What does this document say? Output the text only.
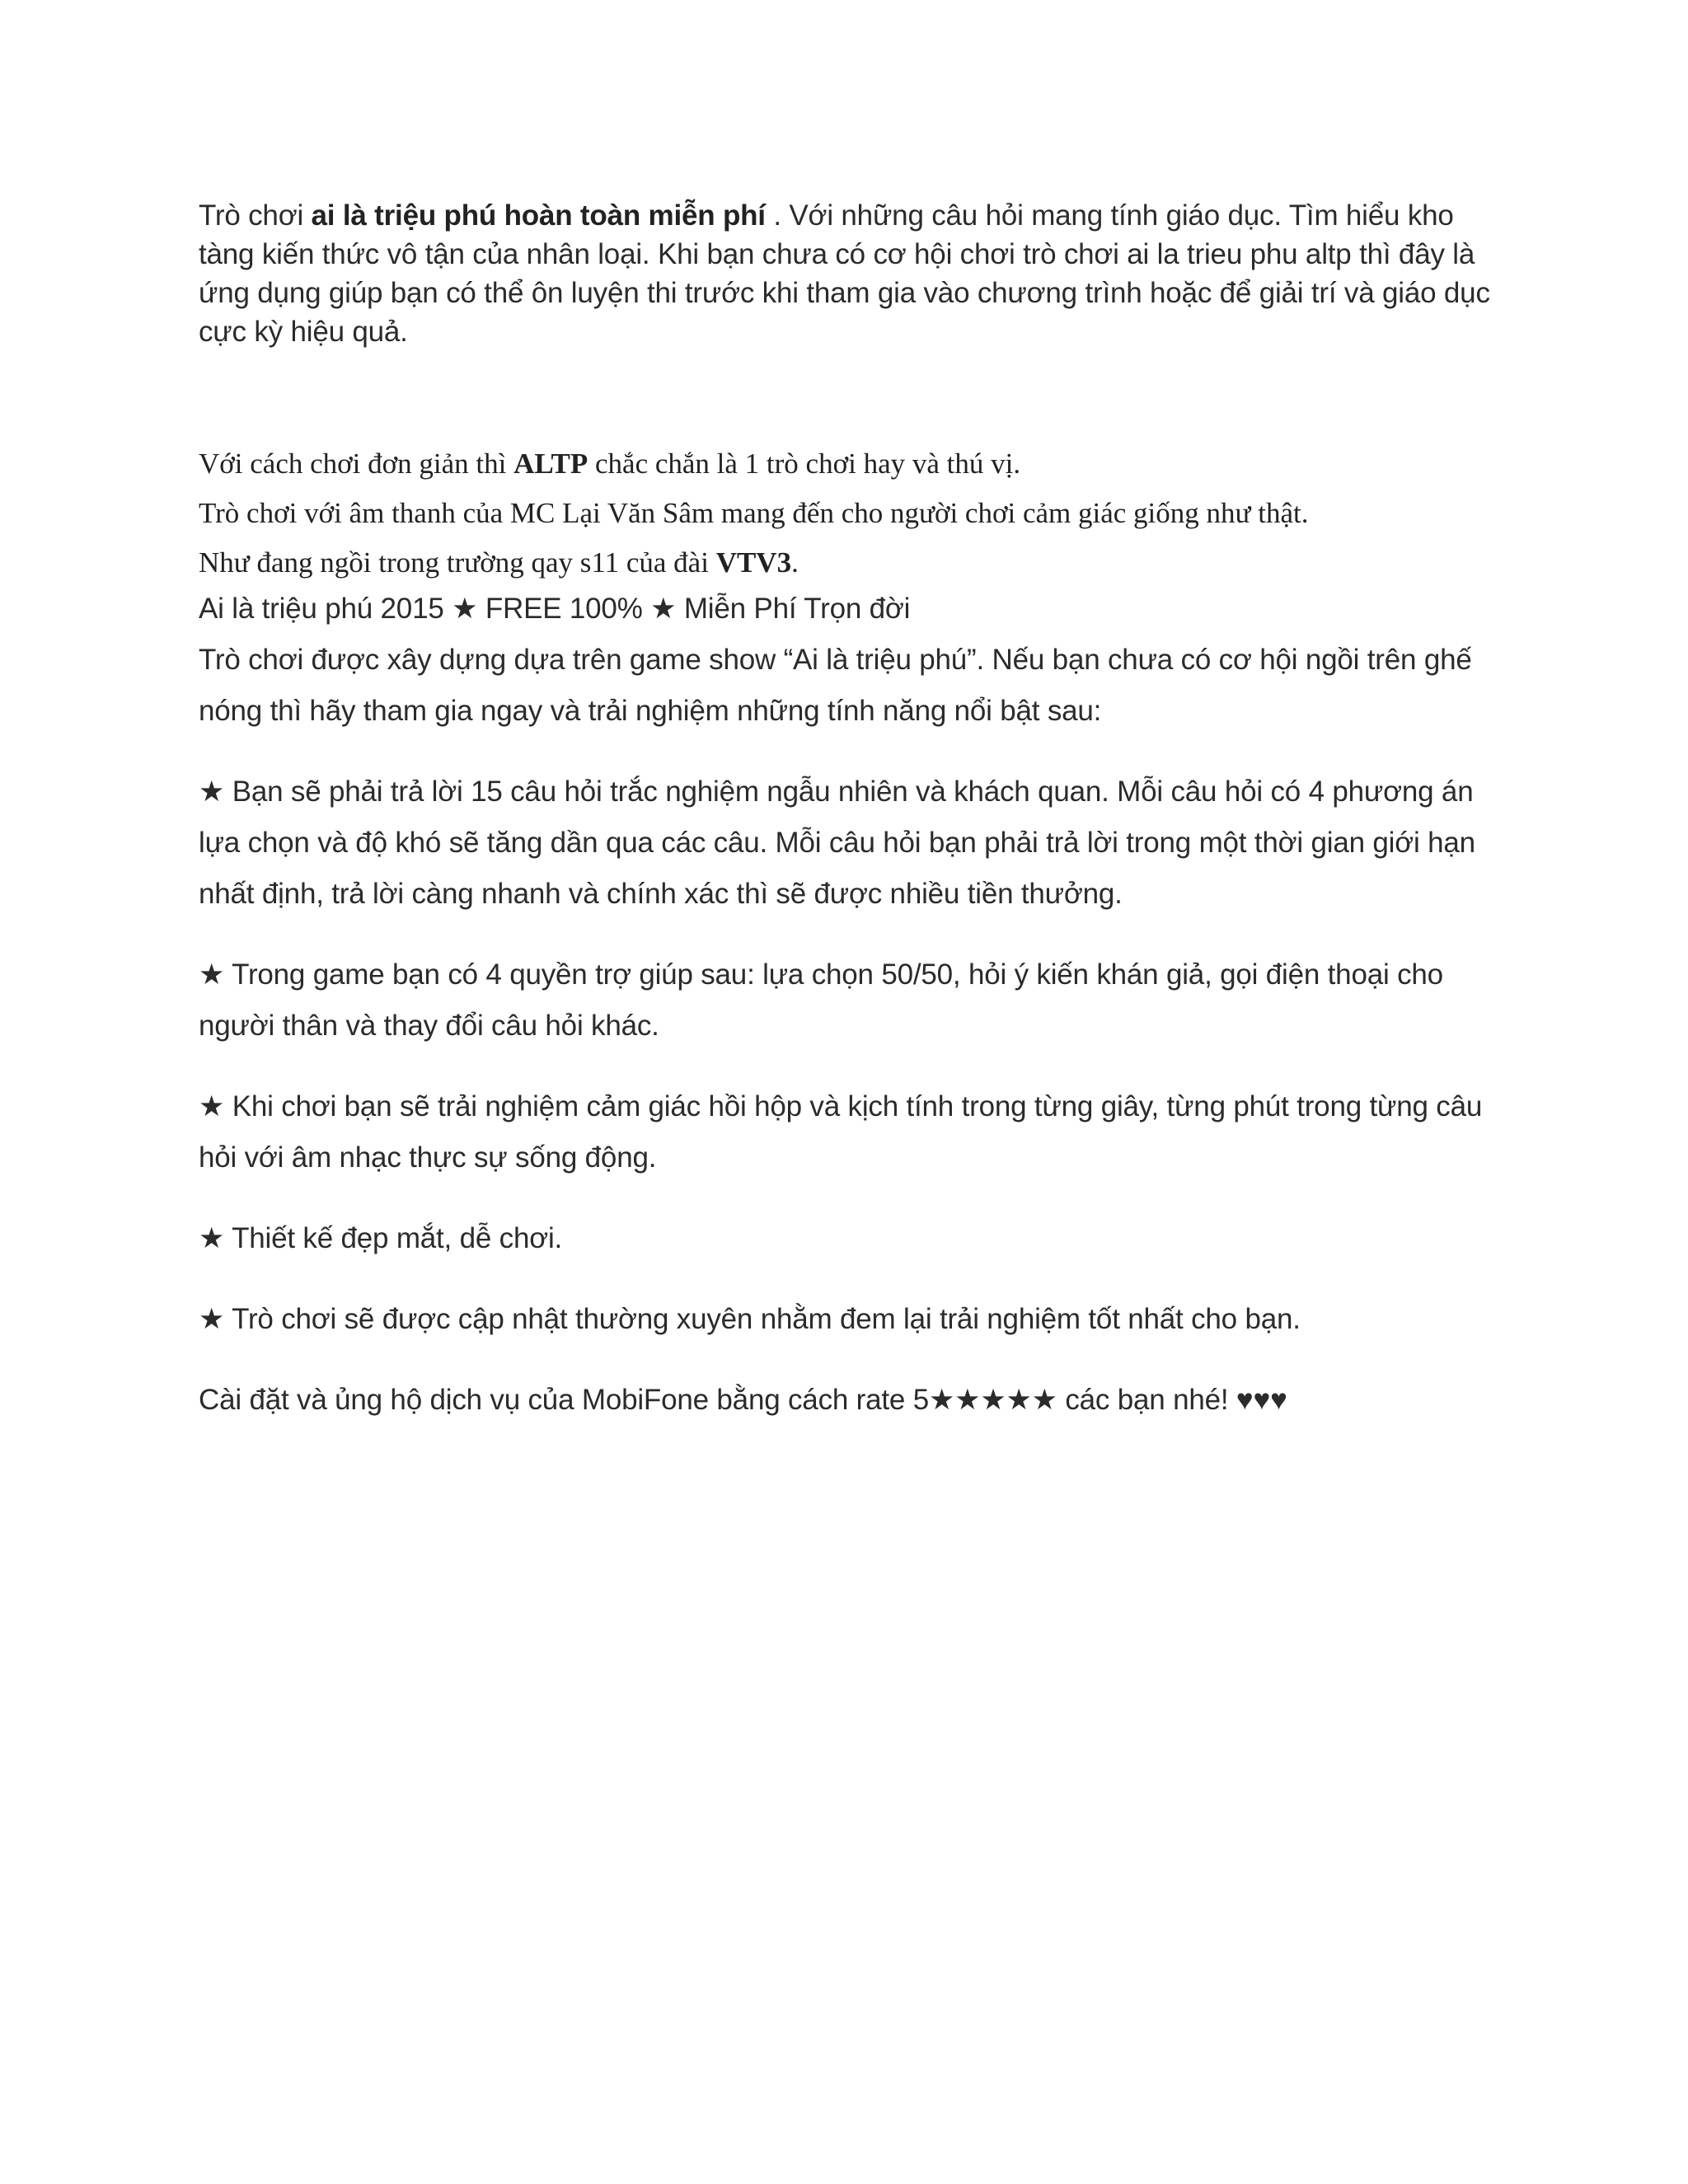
Trò chơi ai là triệu phú hoàn toàn miễn phí . Với những câu hỏi mang tính giáo dục. Tìm hiểu kho tàng kiến thức vô tận của nhân loại. Khi bạn chưa có cơ hội chơi trò chơi ai la trieu phu altp thì đây là ứng dụng giúp bạn có thể ôn luyện thi trước khi tham gia vào chương trình hoặc để giải trí và giáo dục cực kỳ hiệu quả.

Với cách chơi đơn giản thì ALTP chắc chắn là 1 trò chơi hay và thú vị.

Trò chơi với âm thanh của MC Lại Văn Sâm mang đến cho người chơi cảm giác giống như thật.

Như đang ngồi trong trường qay s11 của đài VTV3.

Ai là triệu phú 2015 ★ FREE 100% ★ Miễn Phí Trọn đời

Trò chơi được xây dựng dựa trên game show “Ai là triệu phú”. Nếu bạn chưa có cơ hội ngồi trên ghế nóng thì hãy tham gia ngay và trải nghiệm những tính năng nổi bật sau:

★ Bạn sẽ phải trả lời 15 câu hỏi trắc nghiệm ngẫu nhiên và khách quan. Mỗi câu hỏi có 4 phương án lựa chọn và độ khó sẽ tăng dần qua các câu. Mỗi câu hỏi bạn phải trả lời trong một thời gian giới hạn nhất định, trả lời càng nhanh và chính xác thì sẽ được nhiều tiền thưởng.

★ Trong game bạn có 4 quyền trợ giúp sau: lựa chọn 50/50, hỏi ý kiến khán giả, gọi điện thoại cho người thân và thay đổi câu hỏi khác.

★ Khi chơi bạn sẽ trải nghiệm cảm giác hồi hộp và kịch tính trong từng giây, từng phút trong từng câu hỏi với âm nhạc thực sự sống động.

★ Thiết kế đẹp mắt, dễ chơi.

★ Trò chơi sẽ được cập nhật thường xuyên nhằm đem lại trải nghiệm tốt nhất cho bạn.

Cài đặt và ủng hộ dịch vụ của MobiFone bằng cách rate 5★★★★★ các bạn nhé! ♥♥♥
